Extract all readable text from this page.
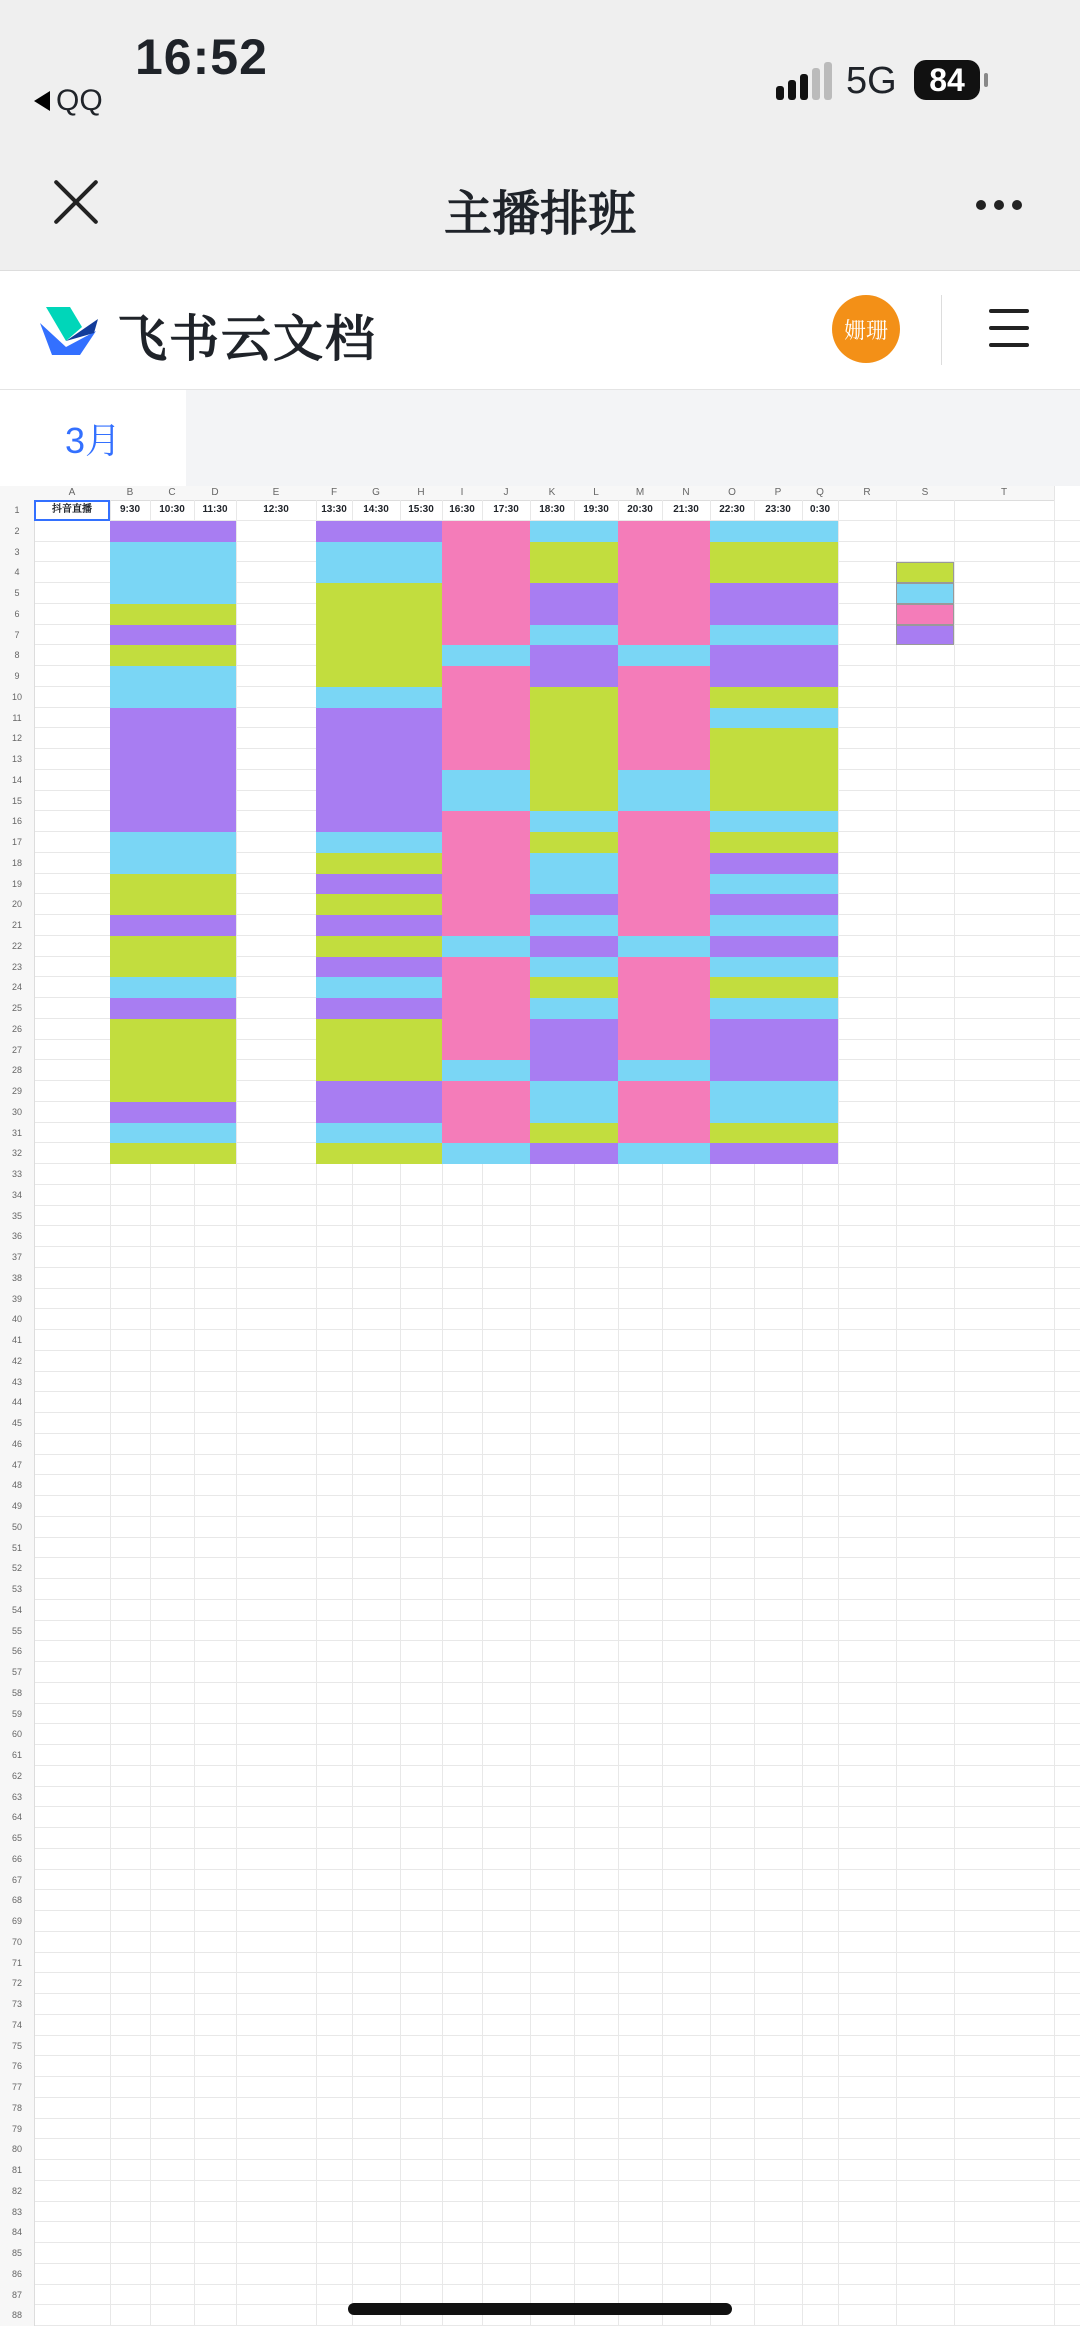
16:52
QQ	5G	84
主播排班
飞书云文档	姗珊
3月
A	B	C	D	E	F	G	H	I	J	K	L	M	N	O	P	Q	R	S	T
1
2
3
4
5
6
7
8
9
10
11
12
13
14
15
16
17
18
19
20
21
22
23
24
25
26
27
28
29
30
31
32
33
34
35
36
37
38
39
40
41
42
43
44
45
46
47
48
49
50
51
52
53
54
55
56
57
58
59
60
61
62
63
64
65
66
67
68
69
70
71
72
73
74
75
76
77
78
79
80
81
82
83
84
85
86
87
88
抖音直播	9:30	10:30	11:30	12:30	13:30	14:30	15:30	16:30	17:30	18:30	19:30	20:30	21:30	22:30	23:30	0:30
